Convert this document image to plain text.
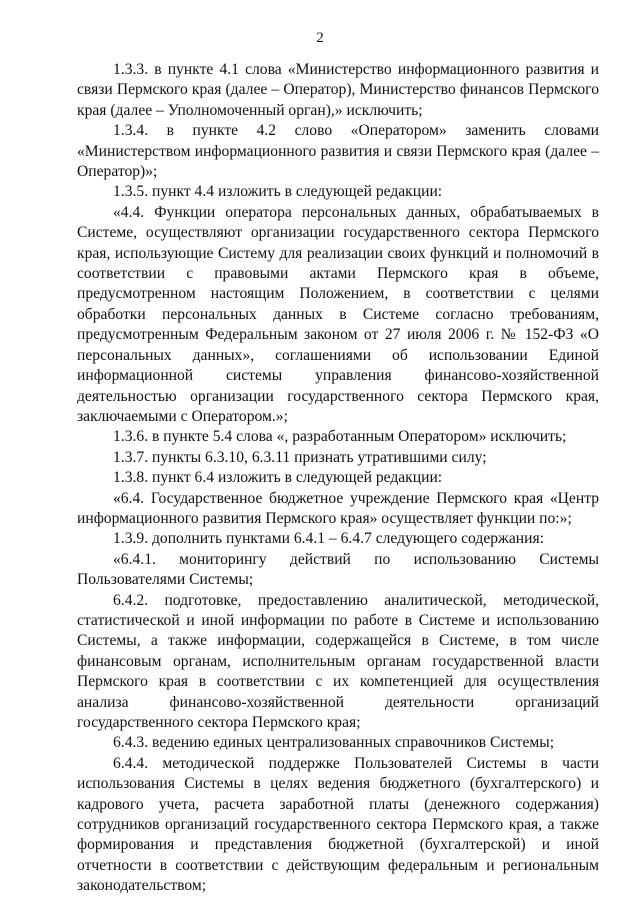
2

1.3.3. в пункте 4.1 слова «Министерство информационного развития и связи Пермского края (далее – Оператор), Министерство финансов Пермского края (далее – Уполномоченный орган),» исключить;

1.3.4. в пункте 4.2 слово «Оператором» заменить словами «Министерством информационного развития и связи Пермского края (далее – Оператор)»;

1.3.5. пункт 4.4 изложить в следующей редакции:

«4.4. Функции оператора персональных данных, обрабатываемых в Системе, осуществляют организации государственного сектора Пермского края, использующие Систему для реализации своих функций и полномочий в соответствии с правовыми актами Пермского края в объеме, предусмотренном настоящим Положением, в соответствии с целями обработки персональных данных в Системе согласно требованиям, предусмотренным Федеральным законом от 27 июля 2006 г. № 152-ФЗ «О персональных данных», соглашениями об использовании Единой информационной системы управления финансово-хозяйственной деятельностью организации государственного сектора Пермского края, заключаемыми с Оператором.»;

1.3.6. в пункте 5.4 слова «, разработанным Оператором» исключить;

1.3.7. пункты 6.3.10, 6.3.11 признать утратившими силу;

1.3.8. пункт 6.4 изложить в следующей редакции:

«6.4. Государственное бюджетное учреждение Пермского края «Центр информационного развития Пермского края» осуществляет функции по:»;

1.3.9. дополнить пунктами 6.4.1 – 6.4.7 следующего содержания:

«6.4.1. мониторингу действий по использованию Системы Пользователями Системы;

6.4.2. подготовке, предоставлению аналитической, методической, статистической и иной информации по работе в Системе и использованию Системы, а также информации, содержащейся в Системе, в том числе финансовым органам, исполнительным органам государственной власти Пермского края в соответствии с их компетенцией для осуществления анализа финансово-хозяйственной деятельности организаций государственного сектора Пермского края;

6.4.3. ведению единых централизованных справочников Системы;

6.4.4. методической поддержке Пользователей Системы в части использования Системы в целях ведения бюджетного (бухгалтерского) и кадрового учета, расчета заработной платы (денежного содержания) сотрудников организаций государственного сектора Пермского края, а также формирования и представления бюджетной (бухгалтерской) и иной отчетности в соответствии с действующим федеральным и региональным законодательством;
